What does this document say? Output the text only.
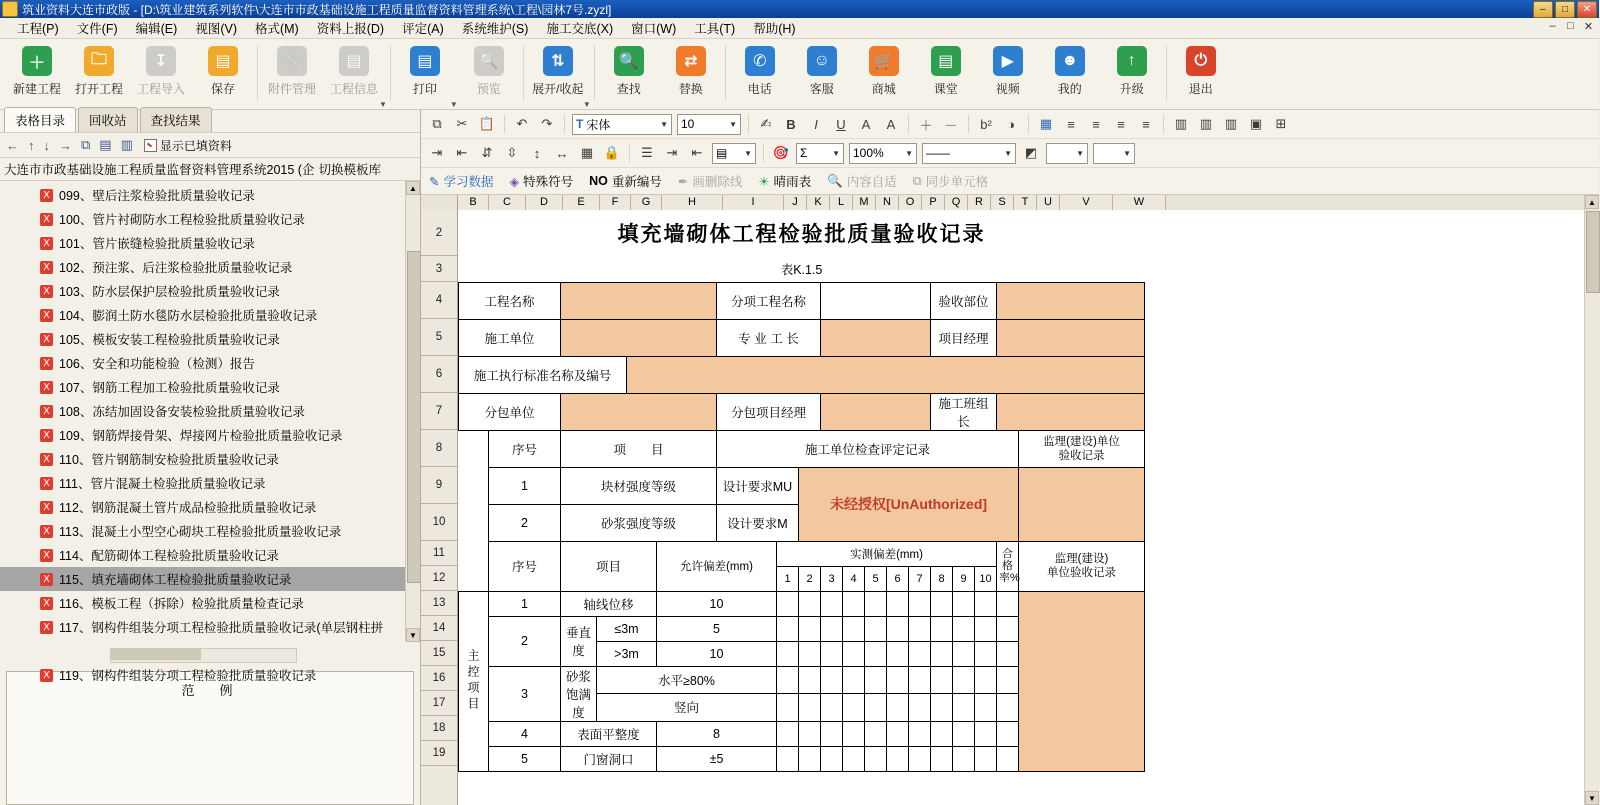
筑业资料大连市政版 - [D:\筑业建筑系列软件\大连市市政基础设施工程质量监督资料管理系统\工程\园林7号.zyzl]	–	□	✕
工程(P)	文件(F)	编辑(E)	视图(V)	格式(M)	资料上报(D)	评定(A)	系统维护(S)	施工交底(X)	窗口(W)	工具(T)	帮助(H)	–	□ ✕
＋
新建工程
🗀
打开工程
↧
工程导入
▤
保存
📎
附件管理
▤
工程信息
▼
▤
打印
▼
🔍
预览
⇅
展开/收起
▼
🔍
查找
⇄
替换
✆
电话
☺
客服
🛒
商城
▤
课堂
▶
视频
☻
我的
↑
升级
⏻
退出
表格目录	回收站	查找结果
← ↑ ↓ → ⧉ ▤ ▥ 显示已填资料
大连市市政基础设施工程质量监督资料管理系统2015 (企 切换模板库
X 099、壁后注浆检验批质量验收记录
X 100、管片衬砌防水工程检验批质量验收记录
X 101、管片嵌缝检验批质量验收记录
X 102、预注浆、后注浆检验批质量验收记录
X 103、防水层保护层检验批质量验收记录
X 104、膨润土防水毯防水层检验批质量验收记录
X 105、模板安装工程检验批质量验收记录
X 106、安全和功能检验（检测）报告
X 107、钢筋工程加工检验批质量验收记录
X 108、冻结加固设备安装检验批质量验收记录
X 109、钢筋焊接骨架、焊接网片检验批质量验收记录
X 110、管片钢筋制安检验批质量验收记录
X 111、管片混凝土检验批质量验收记录
X 112、钢筋混凝土管片成品检验批质量验收记录
X 113、混凝土小型空心砌块工程检验批质量验收记录
X 114、配筋砌体工程检验批质量验收记录
X 115、填充墙砌体工程检验批质量验收记录
X 116、模板工程（拆除）检验批质量检查记录
X 117、钢构件组装分项工程检验批质量验收记录(单层钢柱拼
X 119、钢构件组装分项工程检验批质量验收记录
▲
▼
范　例
⧉	✂ 📋	↶	↷	T 宋体	▼ 10	▼	✍	B	I	U	A	A	＋ －	b²	◑	▦	≡	≡	≡	≡	▥ ▥ ▥ ▣	⊞
⇥	⇤	⇵	⇳	↕	↔ ▦ 🔒	☰	⇥	⇤	▤ ▼ 🎯 Σ	▼ 100%	▼ ——	▼ ◩	▼	▼
✎ 学习数据 ◈ 特殊符号 NO 重新编号 ✒ 画删除线 ☀ 晴雨表 🔍 内容自适 ⧉ 同步单元格
B	C	D	E	F	G	H	I	J	K	L	M	N	O	P	Q	R	S	T	U	V	W
2
3
4
5
6
7
8
9
10
11
12
13
14
15
16
17
18
19
填充墙砌体工程检验批质量验收记录																		
表K.1.5																		
工程名称						分项工程名称								验收部位				
施工单位						专 业 工 长								项目经理				
施工执行标准名称及编号																		
分包单位						分包项目经理								施工班组长				
	序号	项　　目				施工单位检查评定记录												监理(建设)单位
验收记录
	1	块材强度等级				设计要求MU		未经授权[UnAuthorized]										
	2	砂浆强度等级				设计要求M												
	序号	项目			允许偏差(mm)		实测偏差(mm)										合格
率%	监理(建设)
单位验收记录
							1	2	3	4	5	6	7	8	9	10		
主控项目	1	轴线位移			10													
	2	垂直度	≤3m		5													
			>3m		10													
	3	砂浆饱满度	水平≥80%															
			竖向															
	4	表面平整度			8													
	5	门窗洞口			±5													
▲
▼
